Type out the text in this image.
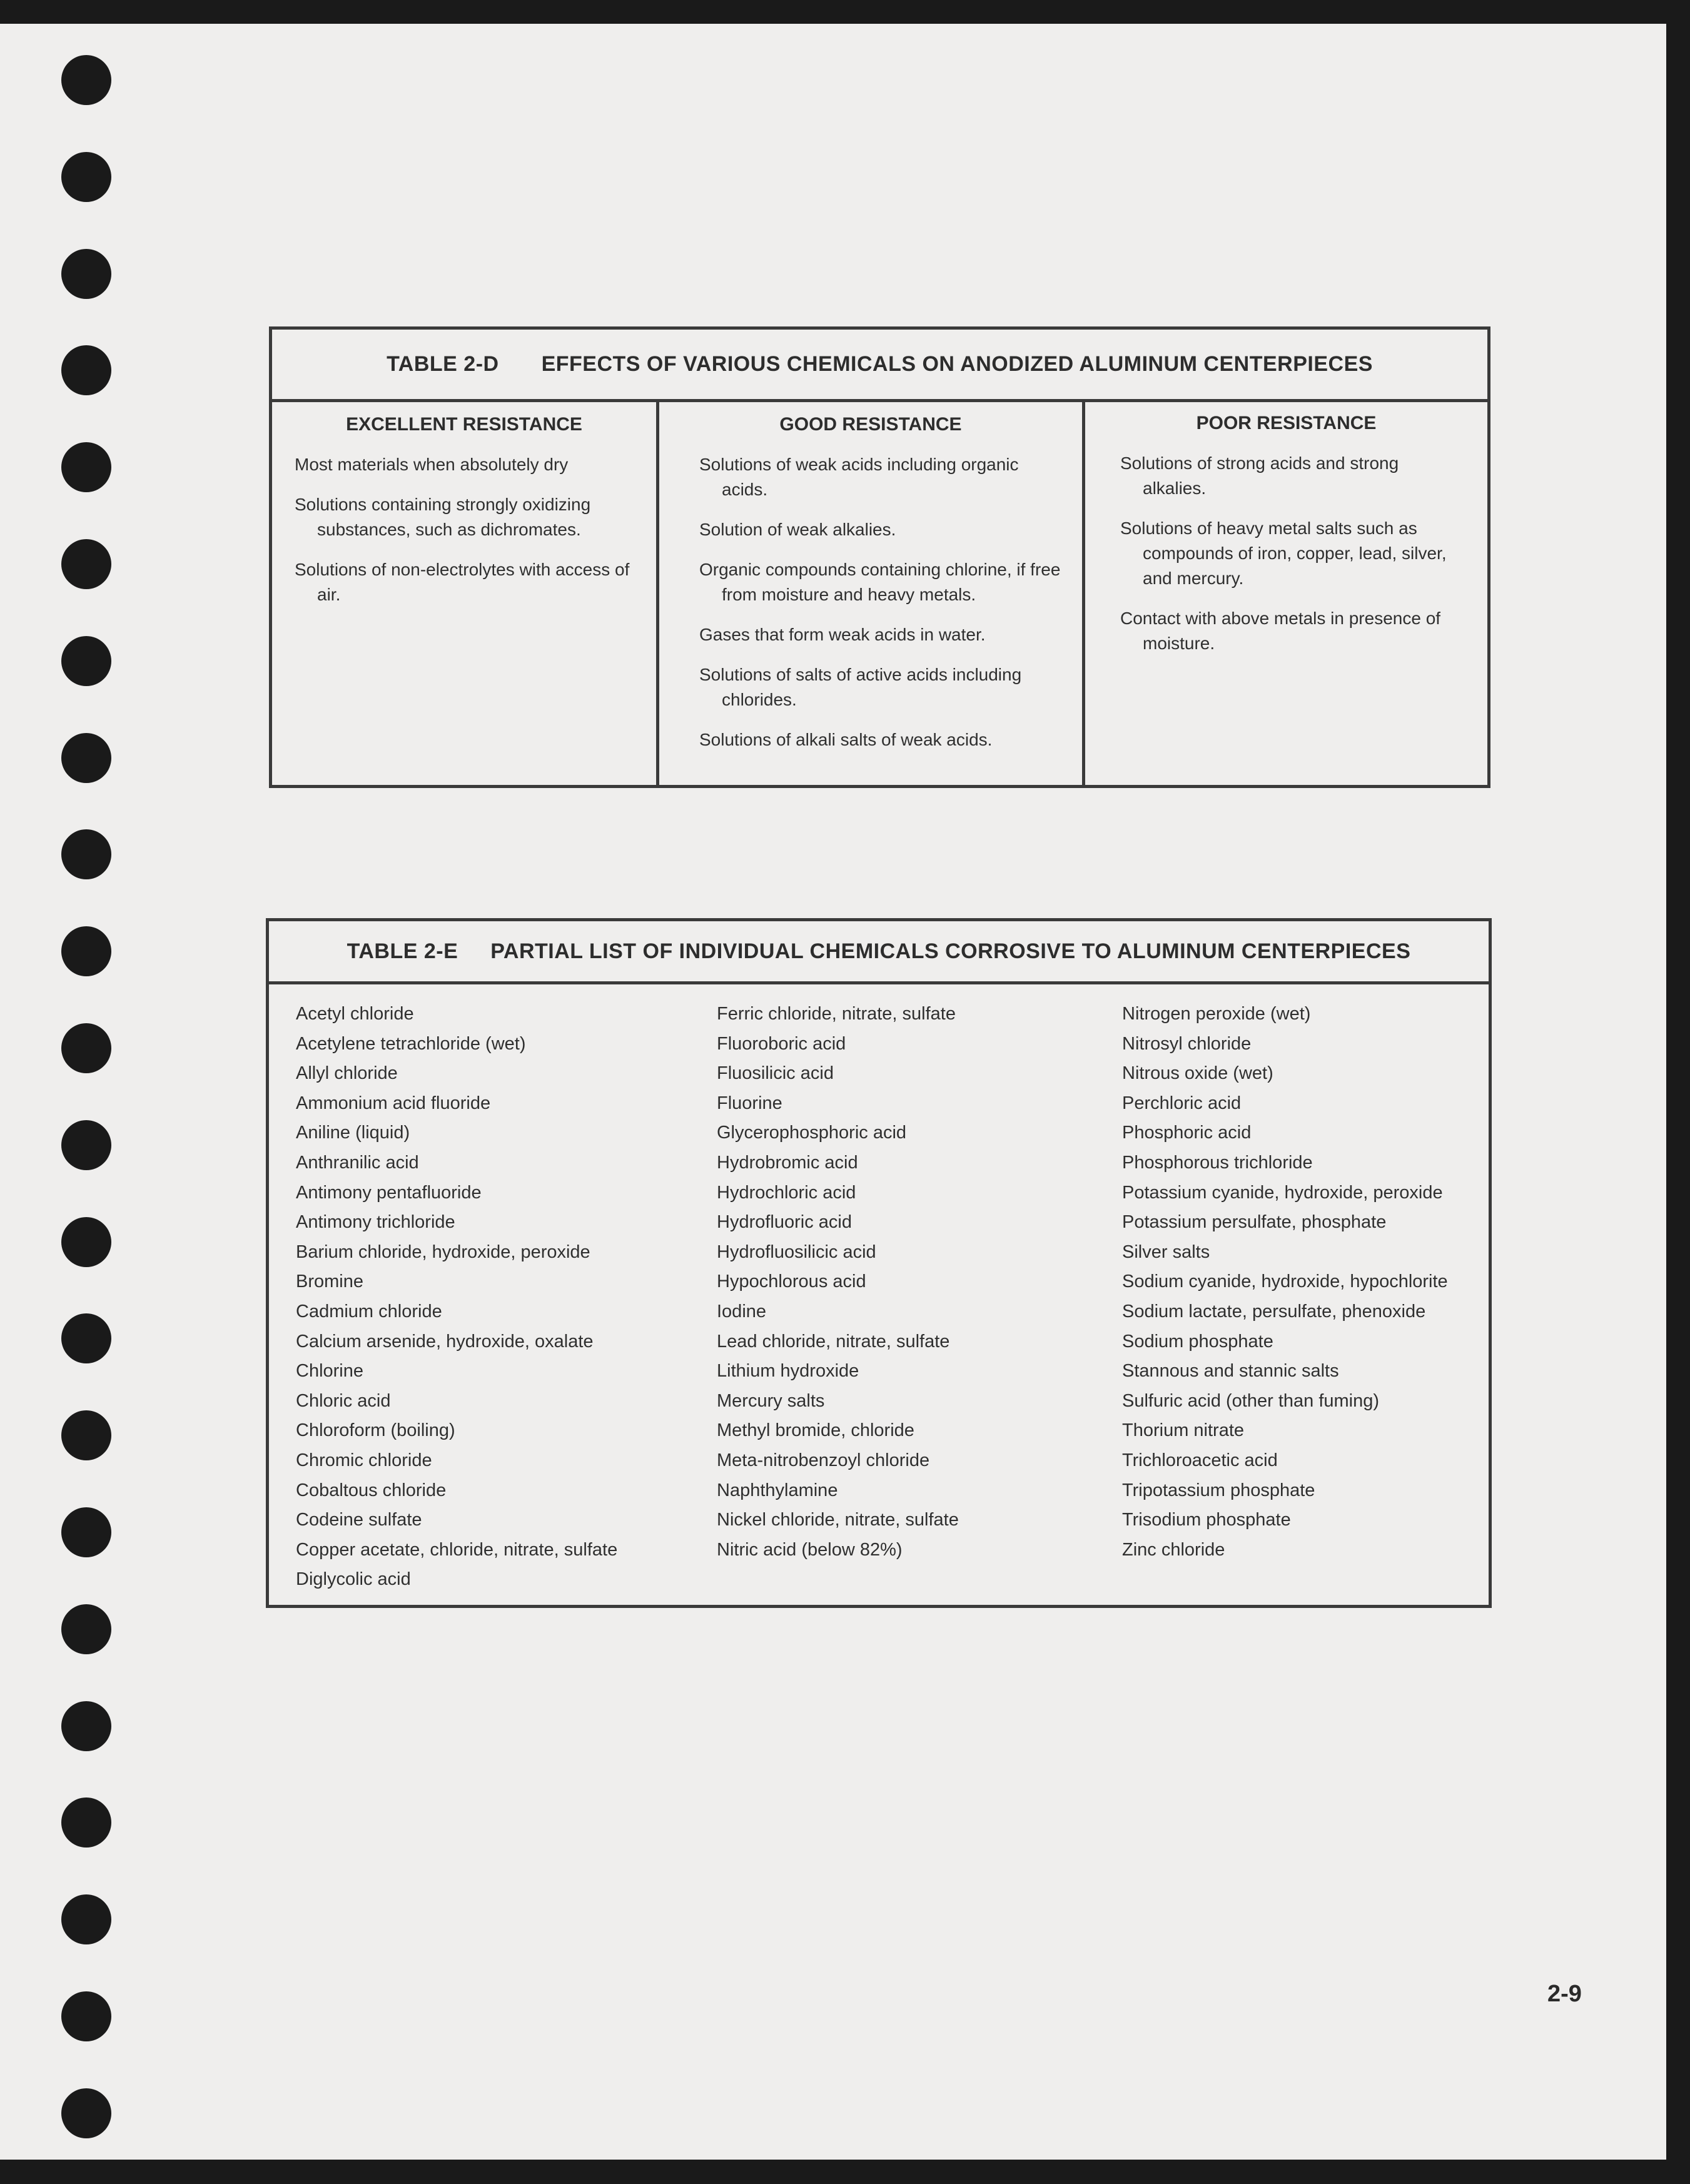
TABLE 2-D EFFECTS OF VARIOUS CHEMICALS ON ANODIZED ALUMINUM CENTERPIECES
EXCELLENT RESISTANCE
Most materials when absolutely dry
Solutions containing strongly oxidizing substances, such as dichromates.
Solutions of non-electrolytes with access of air.
GOOD RESISTANCE
Solutions of weak acids including organic acids.
Solution of weak alkalies.
Organic compounds containing chlorine, if free from moisture and heavy metals.
Gases that form weak acids in water.
Solutions of salts of active acids including chlorides.
Solutions of alkali salts of weak acids.
POOR RESISTANCE
Solutions of strong acids and strong alkalies.
Solutions of heavy metal salts such as compounds of iron, copper, lead, silver, and mercury.
Contact with above metals in presence of moisture.
TABLE 2-E PARTIAL LIST OF INDIVIDUAL CHEMICALS CORROSIVE TO ALUMINUM CENTERPIECES
Acetyl chloride
Acetylene tetrachloride (wet)
Allyl chloride
Ammonium acid fluoride
Aniline (liquid)
Anthranilic acid
Antimony pentafluoride
Antimony trichloride
Barium chloride, hydroxide, peroxide
Bromine
Cadmium chloride
Calcium arsenide, hydroxide, oxalate
Chlorine
Chloric acid
Chloroform (boiling)
Chromic chloride
Cobaltous chloride
Codeine sulfate
Copper acetate, chloride, nitrate, sulfate
Diglycolic acid
Ferric chloride, nitrate, sulfate
Fluoroboric acid
Fluosilicic acid
Fluorine
Glycerophosphoric acid
Hydrobromic acid
Hydrochloric acid
Hydrofluoric acid
Hydrofluosilicic acid
Hypochlorous acid
Iodine
Lead chloride, nitrate, sulfate
Lithium hydroxide
Mercury salts
Methyl bromide, chloride
Meta-nitrobenzoyl chloride
Naphthylamine
Nickel chloride, nitrate, sulfate
Nitric acid (below 82%)
Nitrogen peroxide (wet)
Nitrosyl chloride
Nitrous oxide (wet)
Perchloric acid
Phosphoric acid
Phosphorous trichloride
Potassium cyanide, hydroxide, peroxide
Potassium persulfate, phosphate
Silver salts
Sodium cyanide, hydroxide, hypochlorite
Sodium lactate, persulfate, phenoxide
Sodium phosphate
Stannous and stannic salts
Sulfuric acid (other than fuming)
Thorium nitrate
Trichloroacetic acid
Tripotassium phosphate
Trisodium phosphate
Zinc chloride
2-9
